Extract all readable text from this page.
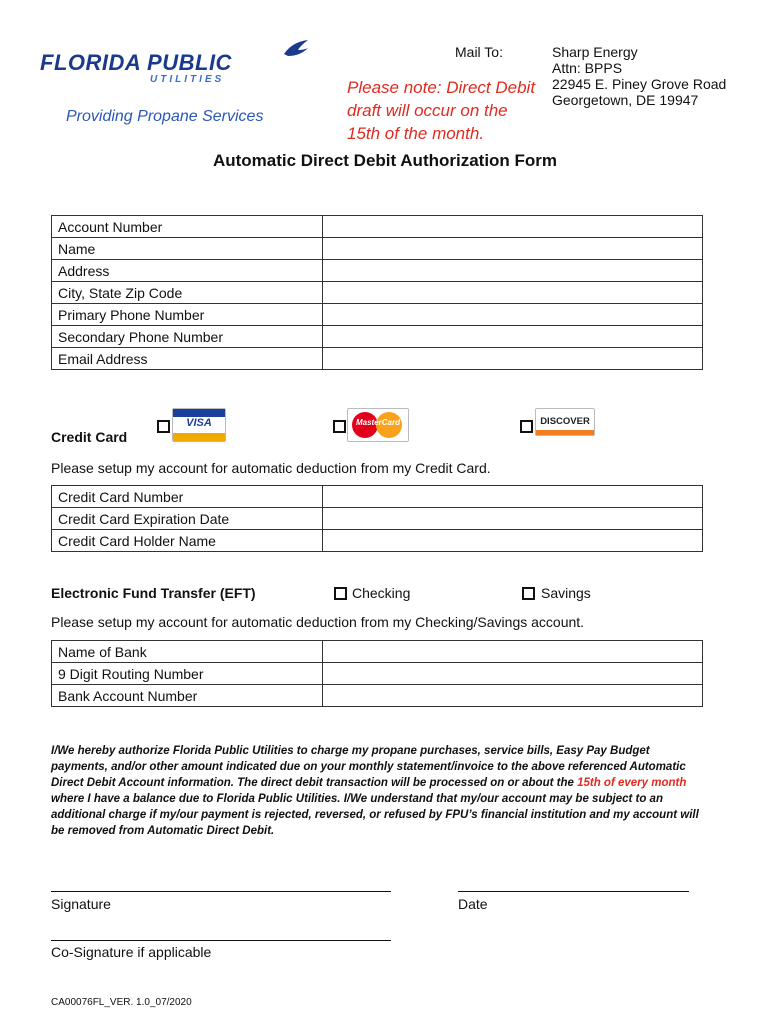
FLORIDA PUBLIC
UTILITIES
Providing Propane Services
Mail To:
Please note: Direct Debit draft will occur on the 15th of the month.
Sharp Energy
Attn: BPPS
22945 E. Piney Grove Road
Georgetown, DE 19947
Automatic Direct Debit Authorization Form
Account Number	
Name	
Address	
City, State Zip Code	
Primary Phone Number	
Secondary Phone Number	
Email Address	
Credit Card
VISA	MasterCard	DISCOVER
Please setup my account for automatic deduction from my Credit Card.
Credit Card Number	
Credit Card Expiration Date	
Credit Card Holder Name	
Electronic Fund Transfer (EFT)	Checking	Savings
Please setup my account for automatic deduction from my Checking/Savings account.
Name of Bank	
9 Digit Routing Number	
Bank Account Number	
I/We hereby authorize Florida Public Utilities to charge my propane purchases, service bills, Easy Pay Budget payments, and/or other amount indicated due on your monthly statement/invoice to the above referenced Automatic Direct Debit Account information. The direct debit transaction will be processed on or about the 15th of every month where I have a balance due to Florida Public Utilities. I/We understand that my/our account may be subject to an additional charge if my/our payment is rejected, reversed, or refused by FPU’s financial institution and my account will be removed from Automatic Direct Debit.
Signature	Date
Co-Signature if applicable
CA00076FL_VER. 1.0_07/2020
